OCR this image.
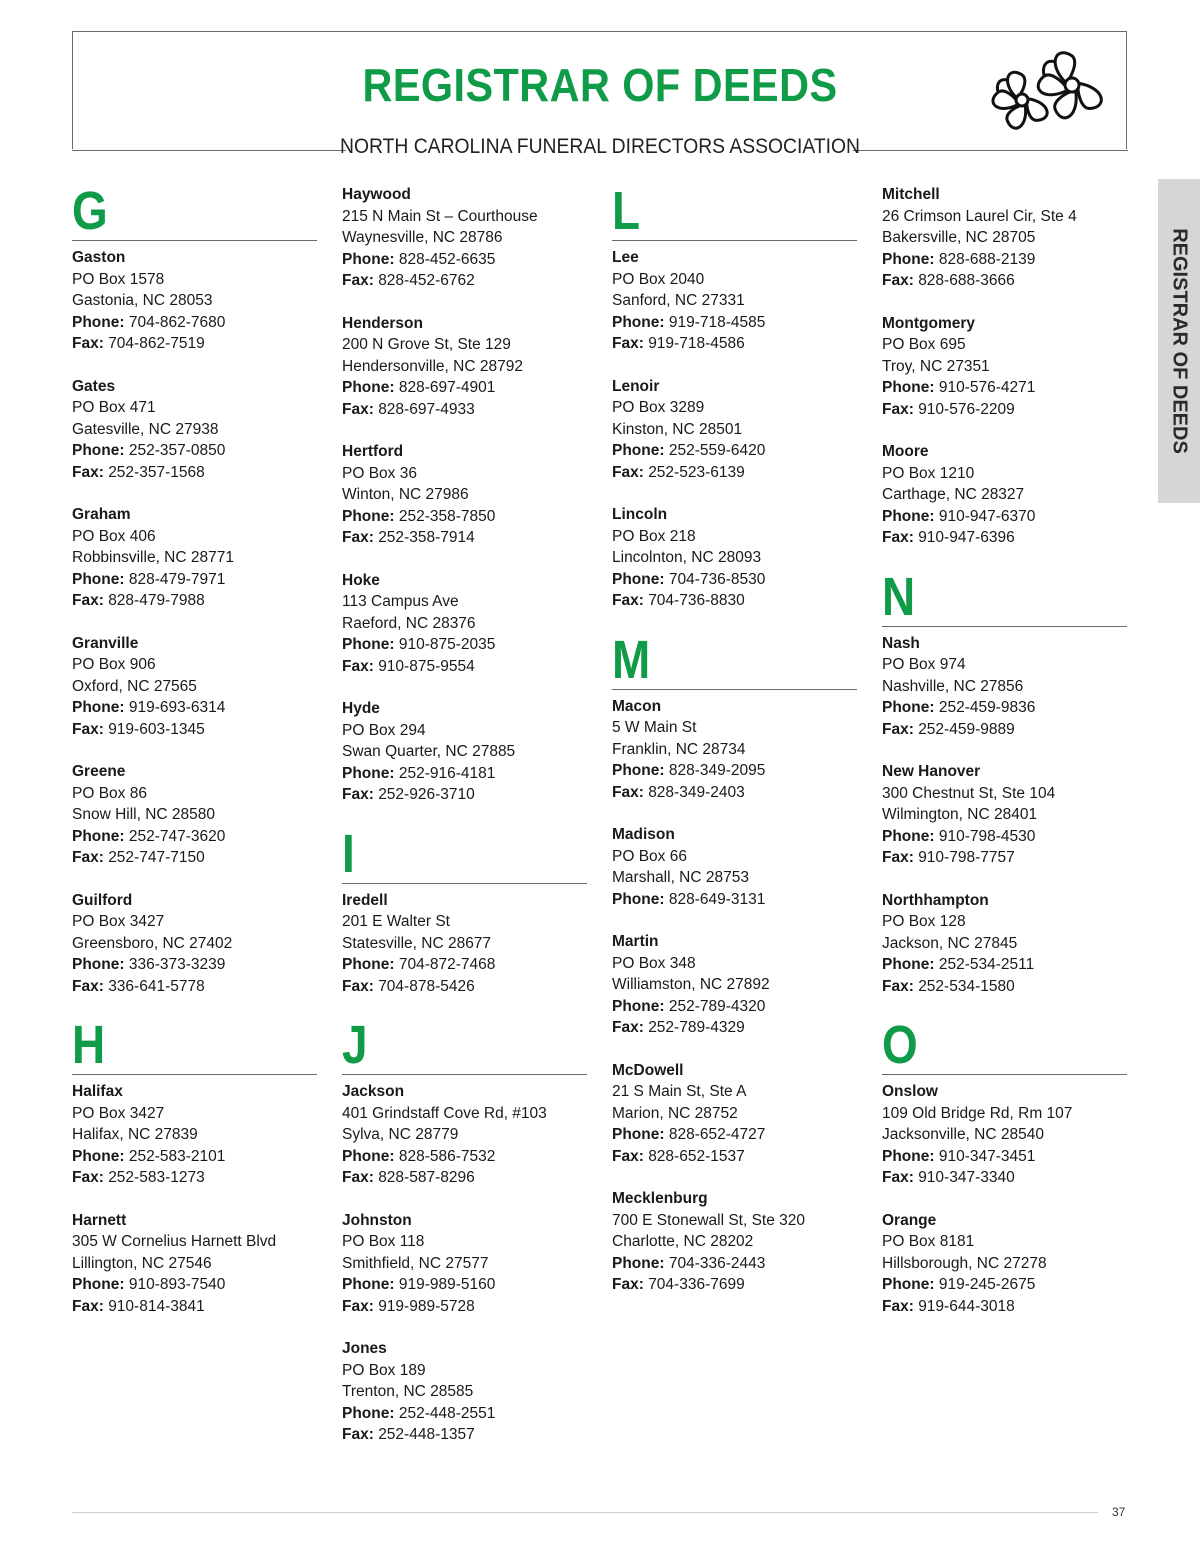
REGISTRAR OF DEEDS
NORTH CAROLINA FUNERAL DIRECTORS ASSOCIATION
REGISTRAR OF DEEDS
G
Gaston
PO Box 1578
Gastonia, NC 28053
Phone: 704-862-7680
Fax: 704-862-7519
Gates
PO Box 471
Gatesville, NC 27938
Phone: 252-357-0850
Fax: 252-357-1568
Graham
PO Box 406
Robbinsville, NC 28771
Phone: 828-479-7971
Fax: 828-479-7988
Granville
PO Box 906
Oxford, NC 27565
Phone: 919-693-6314
Fax: 919-603-1345
Greene
PO Box 86
Snow Hill, NC 28580
Phone: 252-747-3620
Fax: 252-747-7150
Guilford
PO Box 3427
Greensboro, NC 27402
Phone: 336-373-3239
Fax: 336-641-5778
H
Halifax
PO Box 3427
Halifax, NC 27839
Phone: 252-583-2101
Fax: 252-583-1273
Harnett
305 W Cornelius Harnett Blvd
Lillington, NC 27546
Phone: 910-893-7540
Fax: 910-814-3841
Haywood
215 N Main St – Courthouse
Waynesville, NC 28786
Phone: 828-452-6635
Fax: 828-452-6762
Henderson
200 N Grove St, Ste 129
Hendersonville, NC 28792
Phone: 828-697-4901
Fax: 828-697-4933
Hertford
PO Box 36
Winton, NC 27986
Phone: 252-358-7850
Fax: 252-358-7914
Hoke
113 Campus Ave
Raeford, NC 28376
Phone: 910-875-2035
Fax: 910-875-9554
Hyde
PO Box 294
Swan Quarter, NC 27885
Phone: 252-916-4181
Fax: 252-926-3710
I
Iredell
201 E Walter St
Statesville, NC 28677
Phone: 704-872-7468
Fax: 704-878-5426
J
Jackson
401 Grindstaff Cove Rd, #103
Sylva, NC 28779
Phone: 828-586-7532
Fax: 828-587-8296
Johnston
PO Box 118
Smithfield, NC 27577
Phone: 919-989-5160
Fax: 919-989-5728
Jones
PO Box 189
Trenton, NC 28585
Phone: 252-448-2551
Fax: 252-448-1357
L
Lee
PO Box 2040
Sanford, NC 27331
Phone: 919-718-4585
Fax: 919-718-4586
Lenoir
PO Box 3289
Kinston, NC 28501
Phone: 252-559-6420
Fax: 252-523-6139
Lincoln
PO Box 218
Lincolnton, NC 28093
Phone: 704-736-8530
Fax: 704-736-8830
M
Macon
5 W Main St
Franklin, NC 28734
Phone: 828-349-2095
Fax: 828-349-2403
Madison
PO Box 66
Marshall, NC 28753
Phone: 828-649-3131
Martin
PO Box 348
Williamston, NC 27892
Phone: 252-789-4320
Fax: 252-789-4329
McDowell
21 S Main St, Ste A
Marion, NC 28752
Phone: 828-652-4727
Fax: 828-652-1537
Mecklenburg
700 E Stonewall St, Ste 320
Charlotte, NC 28202
Phone: 704-336-2443
Fax: 704-336-7699
Mitchell
26 Crimson Laurel Cir, Ste 4
Bakersville, NC 28705
Phone: 828-688-2139
Fax: 828-688-3666
Montgomery
PO Box 695
Troy, NC 27351
Phone: 910-576-4271
Fax: 910-576-2209
Moore
PO Box 1210
Carthage, NC 28327
Phone: 910-947-6370
Fax: 910-947-6396
N
Nash
PO Box 974
Nashville, NC 27856
Phone: 252-459-9836
Fax: 252-459-9889
New Hanover
300 Chestnut St, Ste 104
Wilmington, NC 28401
Phone: 910-798-4530
Fax: 910-798-7757
Northhampton
PO Box 128
Jackson, NC 27845
Phone: 252-534-2511
Fax: 252-534-1580
O
Onslow
109 Old Bridge Rd, Rm 107
Jacksonville, NC 28540
Phone: 910-347-3451
Fax: 910-347-3340
Orange
PO Box 8181
Hillsborough, NC 27278
Phone: 919-245-2675
Fax: 919-644-3018
37
